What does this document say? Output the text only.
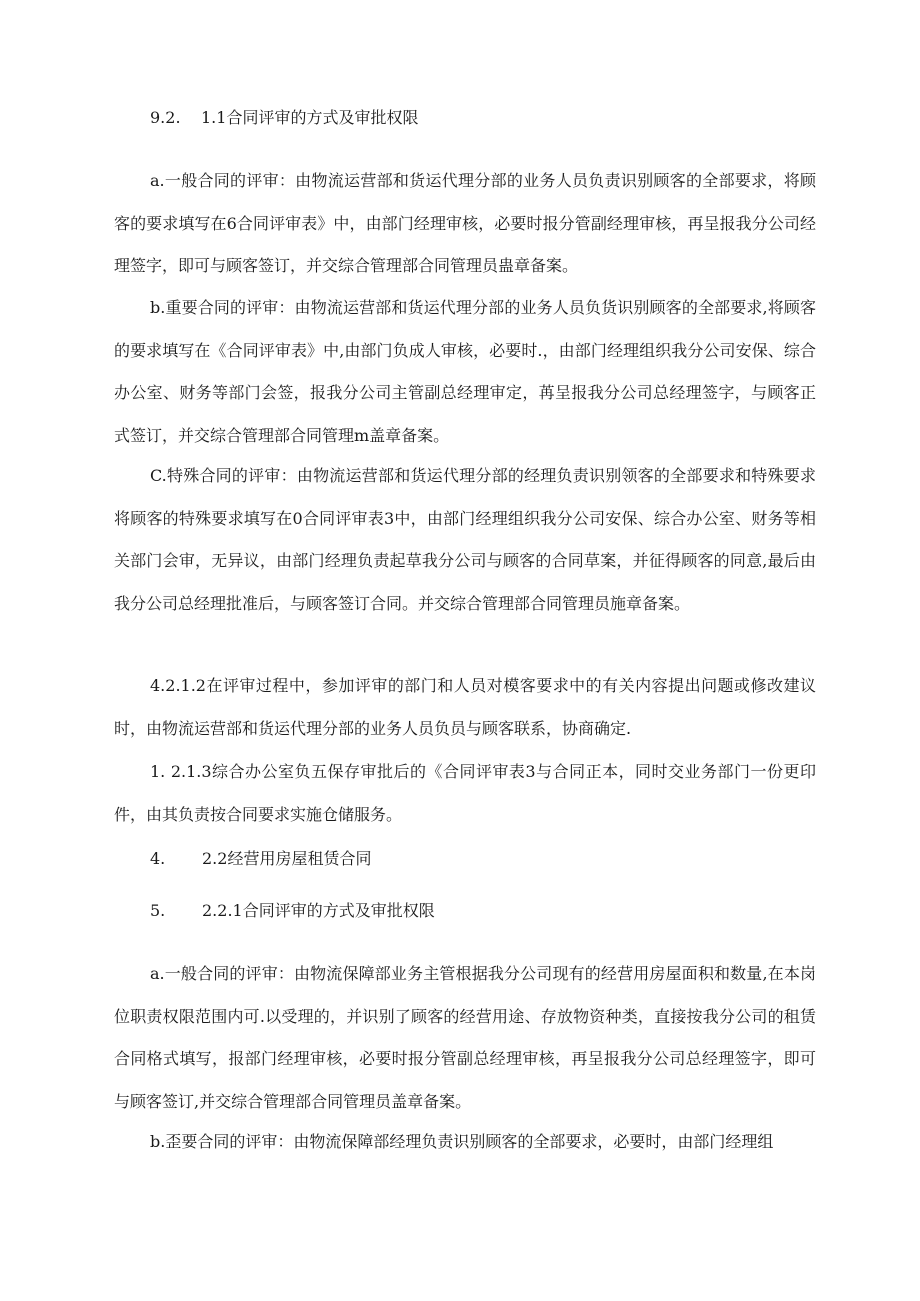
9.2. 1.1合同评审的方式及审批权限

a.一般合同的评审：由物流运营部和货运代理分部的业务人员负责识别顾客的全部要求，将顾客的要求填写在6合同评审表》中，由部门经理审核，必要时报分管副经理审核，再呈报我分公司经理签字，即可与顾客签订，并交综合管理部合同管理员蛊章备案。

b.重要合同的评审：由物流运营部和货运代理分部的业务人员负货识别顾客的全部要求,将顾客的要求填写在《合同评审表》中,由部门负成人审核，必要时.，由部门经理组织我分公司安保、综合办公室、财务等部门会签，报我分公司主管副总经理审定，苒呈报我分公司总经理签字，与顾客正式签订，并交综合管理部合同管理m盖章备案。

C.特殊合同的评审：由物流运营部和货运代理分部的经理负责识别领客的全部要求和特殊要求将顾客的特殊要求填写在0合同评审表3中，由部门经理组织我分公司安保、综合办公室、财务等相关部门会审，无异议，由部门经理负责起草我分公司与顾客的合同草案，并征得顾客的同意,最后由我分公司总经理批准后，与顾客签订合同。并交综合管理部合同管理员施章备案。

4.2.1.2在评审过程中，参加评审的部门和人员对模客要求中的有关内容提出问题或修改建议时，由物流运营部和货运代理分部的业务人员负员与顾客联系，协商确定.

1. 2.1.3综合办公室负五保存审批后的《合同评审表3与合同正本，同时交业务部门一份更印件，由其负责按合同要求实施仓储服务。

4. 2.2经营用房屋租赁合同
5. 2.2.1合同评审的方式及审批权限

a.一般合同的评审：由物流保障部业务主管根据我分公司现有的经营用房屋面积和数量,在本岗位职责权限范围内可.以受理的，并识别了顾客的经营用途、存放物资种类，直接按我分公司的租赁合同格式填写，报部门经理审核，必要时报分管副总经理审核，再呈报我分公司总经理签字，即可与顾客签订,并交综合管理部合同管理员盖章备案。

b.歪要合同的评审：由物流保障部经理负责识别顾客的全部要求，必要时，由部门经理组
